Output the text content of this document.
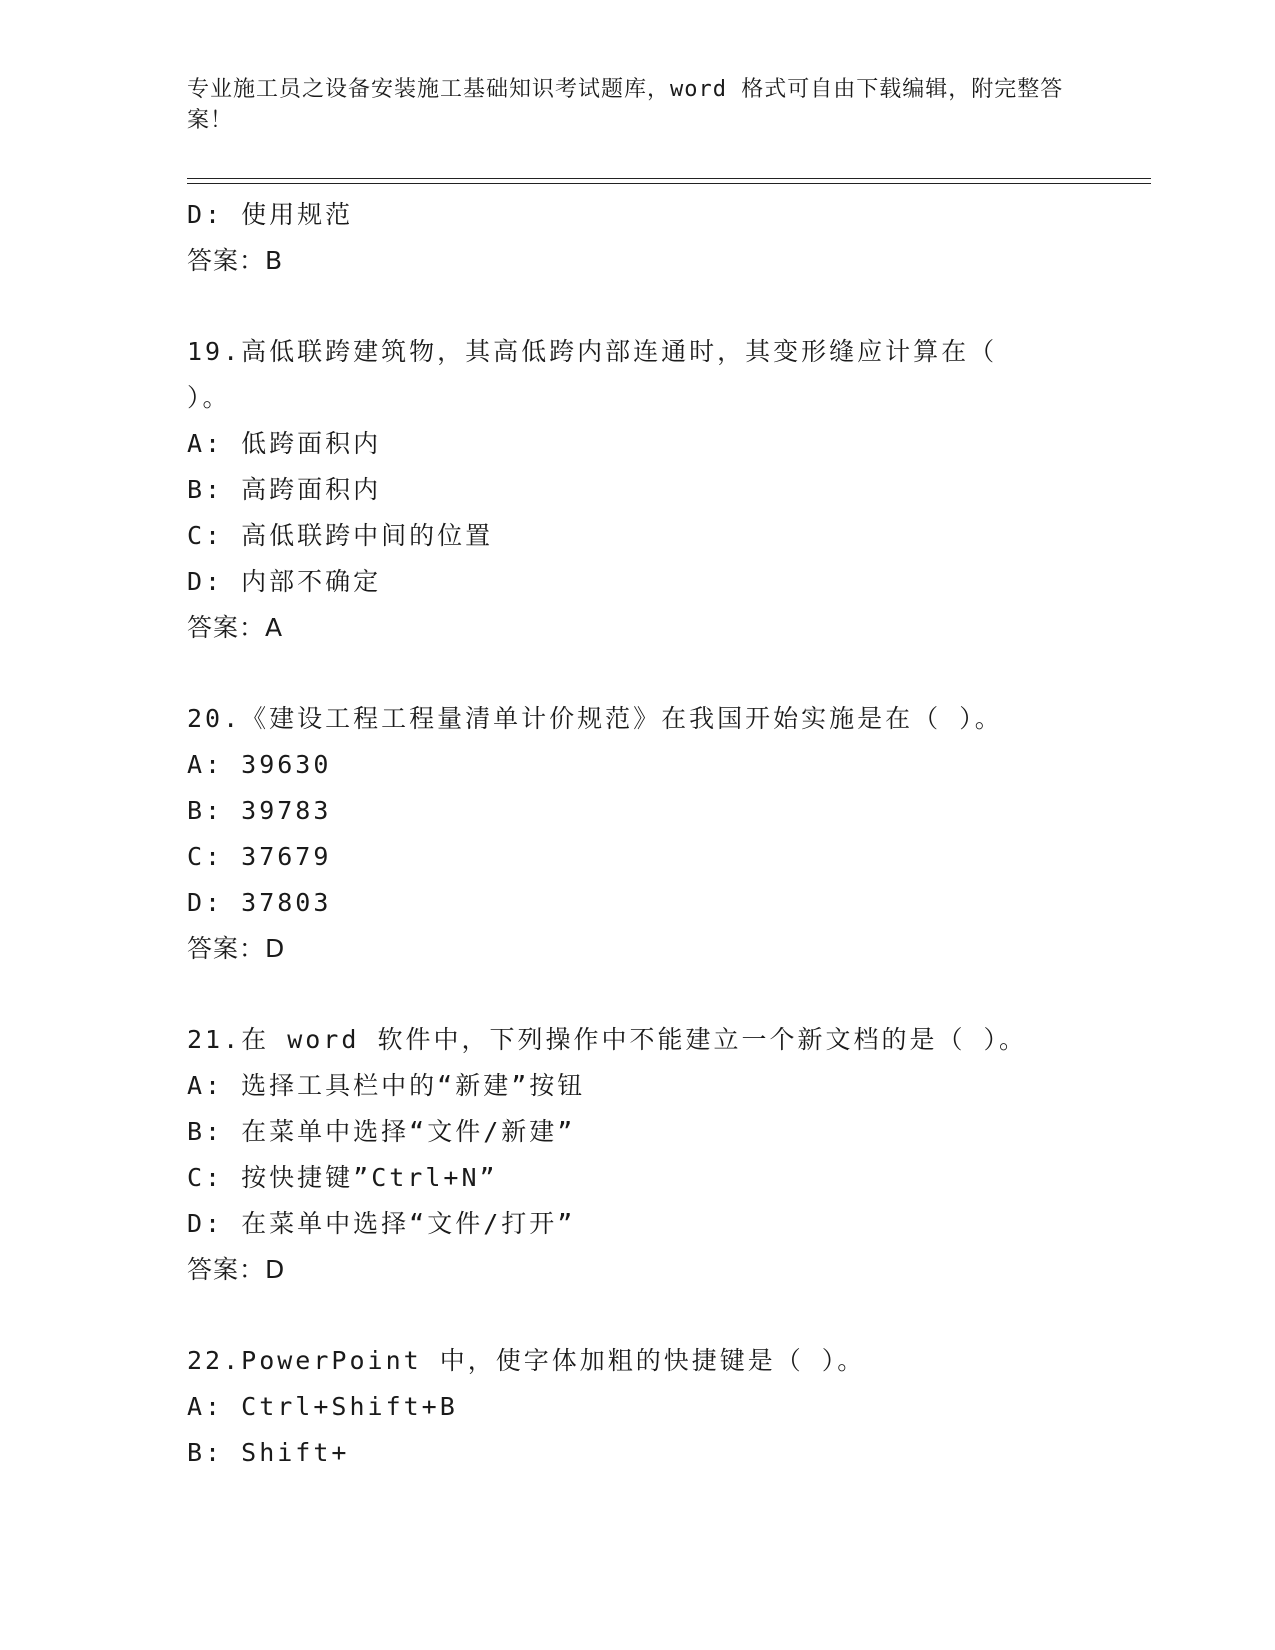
专业施工员之设备安装施工基础知识考试题库，word 格式可自由下载编辑，附完整答案！
D: 使用规范
答案：B
19.高低联跨建筑物，其高低跨内部连通时，其变形缝应计算在（ ）。
A: 低跨面积内
B: 高跨面积内
C: 高低联跨中间的位置
D: 内部不确定
答案：A
20.《建设工程工程量清单计价规范》在我国开始实施是在（ ）。
A: 39630
B: 39783
C: 37679
D: 37803
答案：D
21.在 word 软件中，下列操作中不能建立一个新文档的是（ ）。
A: 选择工具栏中的“新建”按钮
B: 在菜单中选择“文件/新建”
C: 按快捷键”Ctrl+N”
D: 在菜单中选择“文件/打开”
答案：D
22.PowerPoint 中，使字体加粗的快捷键是（ ）。
A: Ctrl+Shift+B
B: Shift+
